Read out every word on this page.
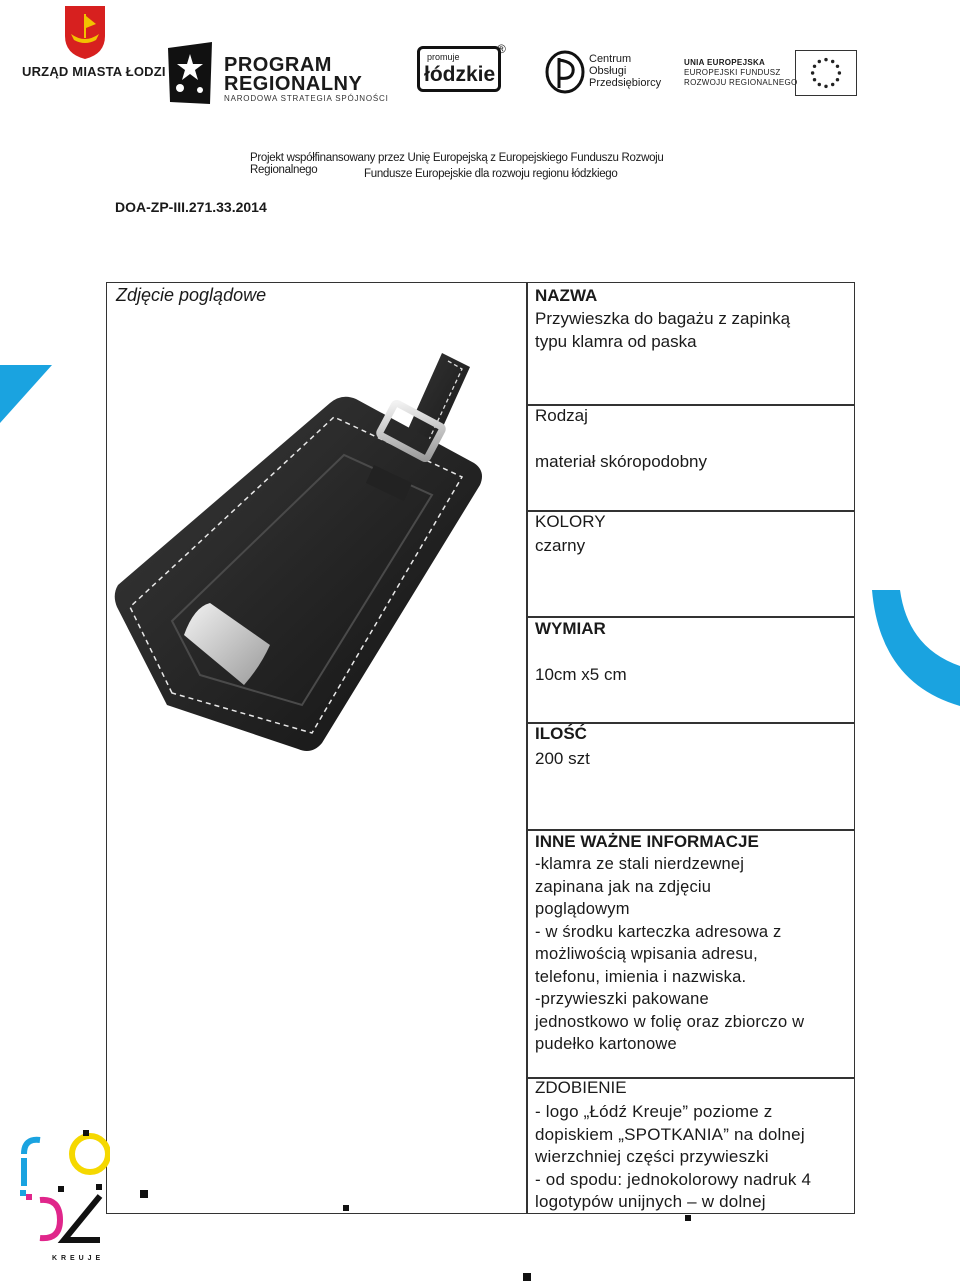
URZĄD MIASTA ŁODZI	PROGRAM
REGIONALNY
NARODOWA STRATEGIA SPÓJNOŚCI
promuje
łódzkie
®
Centrum
Obsługi
Przedsiębiorcy
UNIA EUROPEJSKA
EUROPEJSKI FUNDUSZ
ROZWOJU REGIONALNEGO
Projekt współfinansowany przez Unię Europejską z Europejskiego Funduszu Rozwoju Regionalnego	Fundusze Europejskie dla rozwoju regionu łódzkiego
DOA-ZP-III.271.33.2014
Zdjęcie poglądowe	NAZWA
Przywieszka do bagażu z zapinką
typu klamra od paska
Rodzaj
materiał skóropodobny
KOLORY
czarny
WYMIAR
10cm x5 cm
ILOŚĆ
200 szt
INNE WAŻNE INFORMACJE
-klamra ze stali nierdzewnej
zapinana jak na zdjęciu
poglądowym
- w środku karteczka adresowa z
możliwością wpisania adresu,
telefonu, imienia i nazwiska.
-przywieszki pakowane
jednostkowo w folię oraz zbiorczo w
pudełko kartonowe
ZDOBIENIE
- logo „Łódź Kreuje” poziome z
dopiskiem „SPOTKANIA” na dolnej
wierzchniej części przywieszki
- od spodu: jednokolorowy nadruk 4
logotypów unijnych – w dolnej
K R E U J E
